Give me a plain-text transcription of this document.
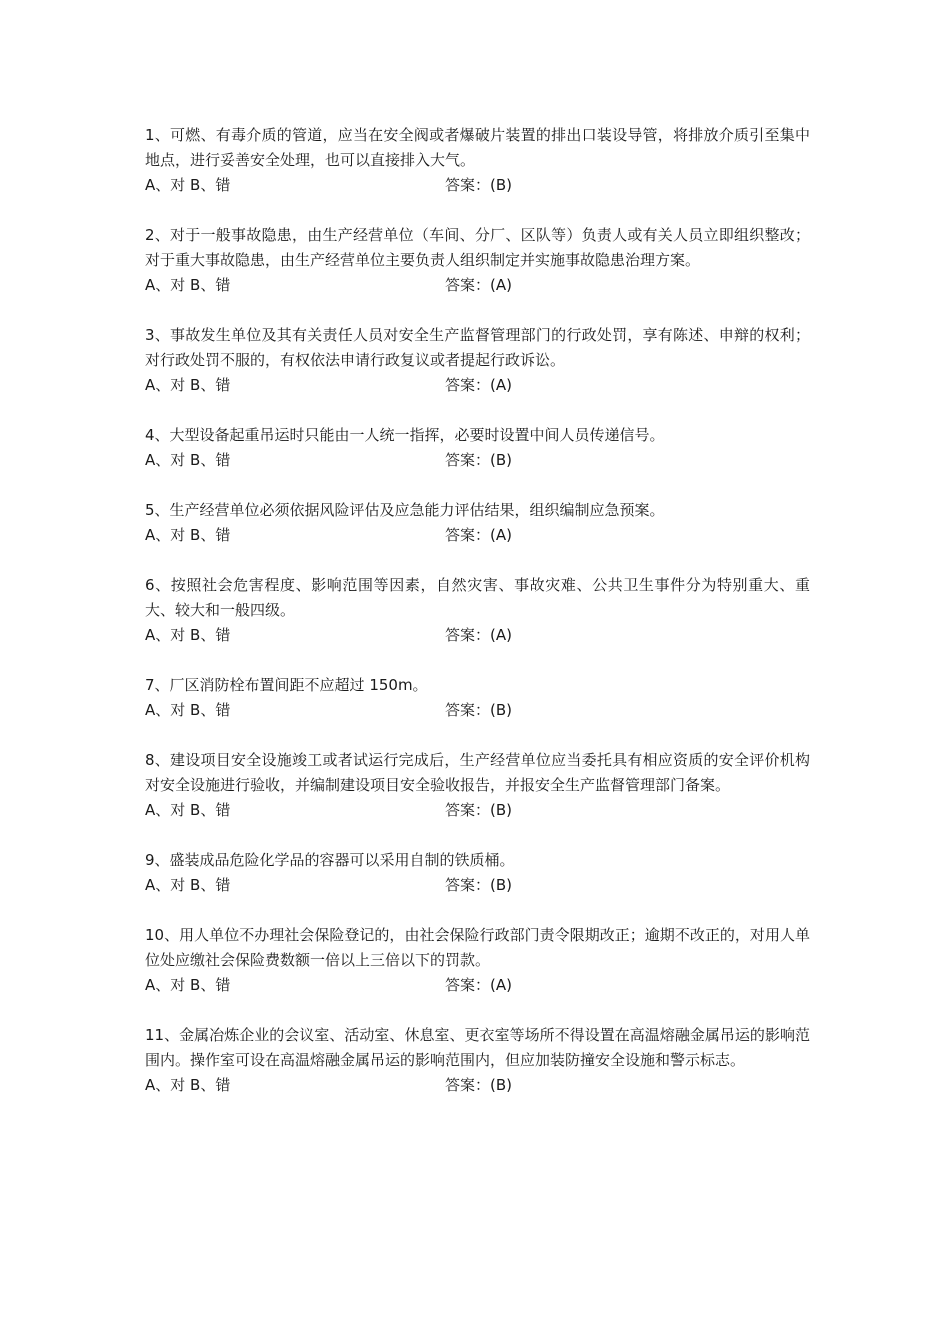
1、可燃、有毒介质的管道，应当在安全阀或者爆破片装置的排出口装设导管，将排放介质引至集中地点，进行妥善安全处理，也可以直接排入大气。

A、对 B、错	答案：(B)

2、对于一般事故隐患，由生产经营单位（车间、分厂、区队等）负责人或有关人员立即组织整改；对于重大事故隐患，由生产经营单位主要负责人组织制定并实施事故隐患治理方案。

A、对 B、错	答案：(A)

3、事故发生单位及其有关责任人员对安全生产监督管理部门的行政处罚，享有陈述、申辩的权利；对行政处罚不服的，有权依法申请行政复议或者提起行政诉讼。

A、对 B、错	答案：(A)

4、大型设备起重吊运时只能由一人统一指挥，必要时设置中间人员传递信号。

A、对 B、错	答案：(B)

5、生产经营单位必须依据风险评估及应急能力评估结果，组织编制应急预案。

A、对 B、错	答案：(A)

6、按照社会危害程度、影响范围等因素，自然灾害、事故灾难、公共卫生事件分为特别重大、重大、较大和一般四级。

A、对 B、错	答案：(A)

7、厂区消防栓布置间距不应超过 150m。

A、对 B、错	答案：(B)

8、建设项目安全设施竣工或者试运行完成后，生产经营单位应当委托具有相应资质的安全评价机构对安全设施进行验收，并编制建设项目安全验收报告，并报安全生产监督管理部门备案。

A、对 B、错	答案：(B)

9、盛装成品危险化学品的容器可以采用自制的铁质桶。

A、对 B、错	答案：(B)

10、用人单位不办理社会保险登记的，由社会保险行政部门责令限期改正；逾期不改正的，对用人单位处应缴社会保险费数额一倍以上三倍以下的罚款。

A、对 B、错	答案：(A)

11、金属冶炼企业的会议室、活动室、休息室、更衣室等场所不得设置在高温熔融金属吊运的影响范围内。操作室可设在高温熔融金属吊运的影响范围内，但应加装防撞安全设施和警示标志。

A、对 B、错	答案：(B)
